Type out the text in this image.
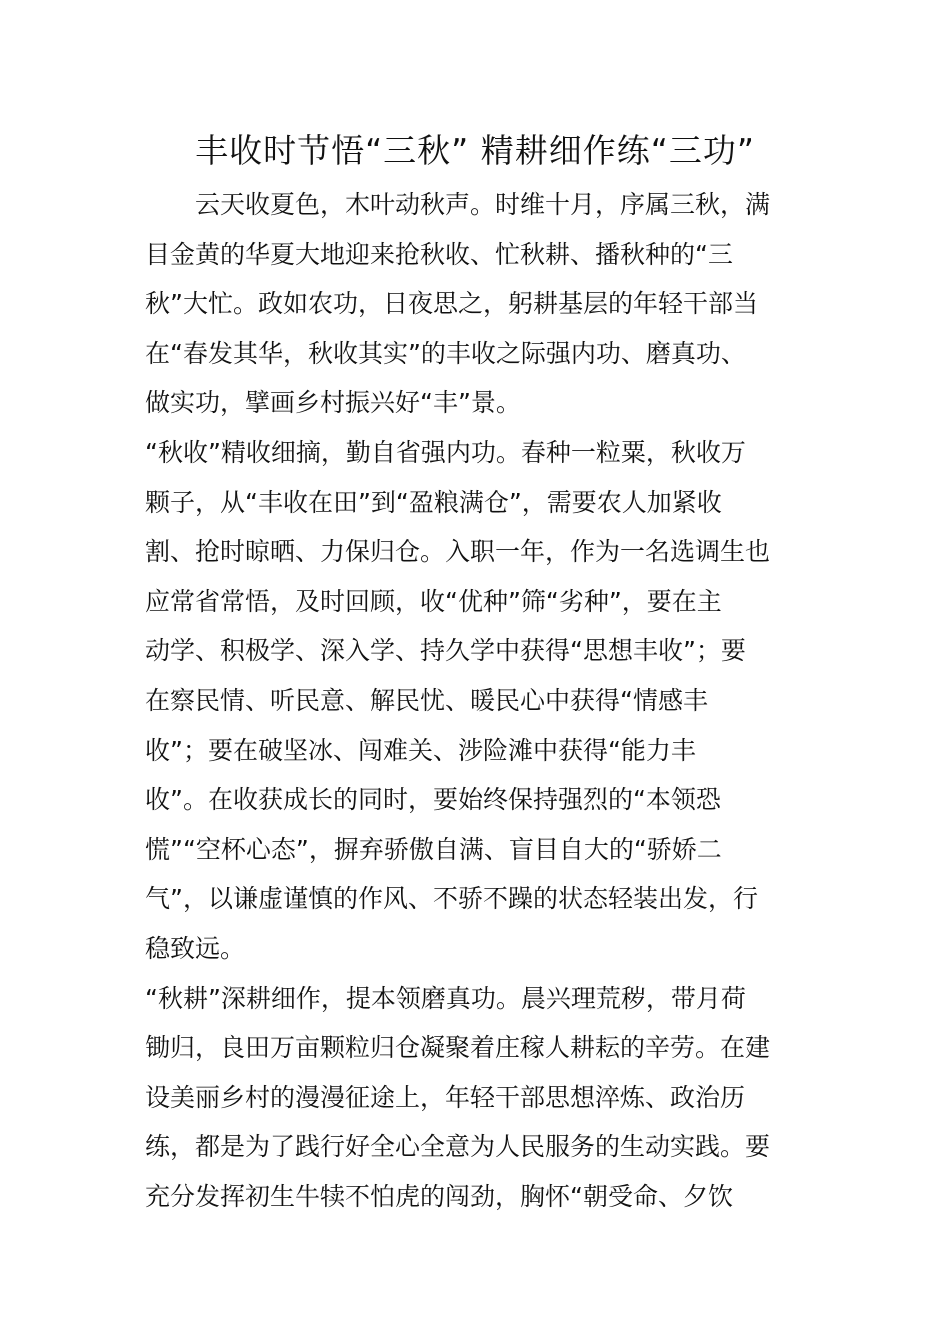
丰收时节悟“三秋” 精耕细作练“三功”

　　云天收夏色，木叶动秋声。时维十月，序属三秋，满
目金黄的华夏大地迎来抢秋收、忙秋耕、播秋种的“三
秋”大忙。政如农功，日夜思之，躬耕基层的年轻干部当
在“春发其华，秋收其实”的丰收之际强内功、磨真功、
做实功，擘画乡村振兴好“丰”景。

“秋收”精收细摘，勤自省强内功。春种一粒粟，秋收万
颗子，从“丰收在田”到“盈粮满仓”，需要农人加紧收
割、抢时晾晒、力保归仓。入职一年，作为一名选调生也
应常省常悟，及时回顾，收“优种”筛“劣种”，要在主
动学、积极学、深入学、持久学中获得“思想丰收”；要
在察民情、听民意、解民忧、暖民心中获得“情感丰
收”；要在破坚冰、闯难关、涉险滩中获得“能力丰
收”。在收获成长的同时，要始终保持强烈的“本领恐
慌”“空杯心态”，摒弃骄傲自满、盲目自大的“骄娇二
气”，以谦虚谨慎的作风、不骄不躁的状态轻装出发，行
稳致远。

“秋耕”深耕细作，提本领磨真功。晨兴理荒秽，带月荷
锄归，良田万亩颗粒归仓凝聚着庄稼人耕耘的辛劳。在建
设美丽乡村的漫漫征途上，年轻干部思想淬炼、政治历
练，都是为了践行好全心全意为人民服务的生动实践。要
充分发挥初生牛犊不怕虎的闯劲，胸怀“朝受命、夕饮
